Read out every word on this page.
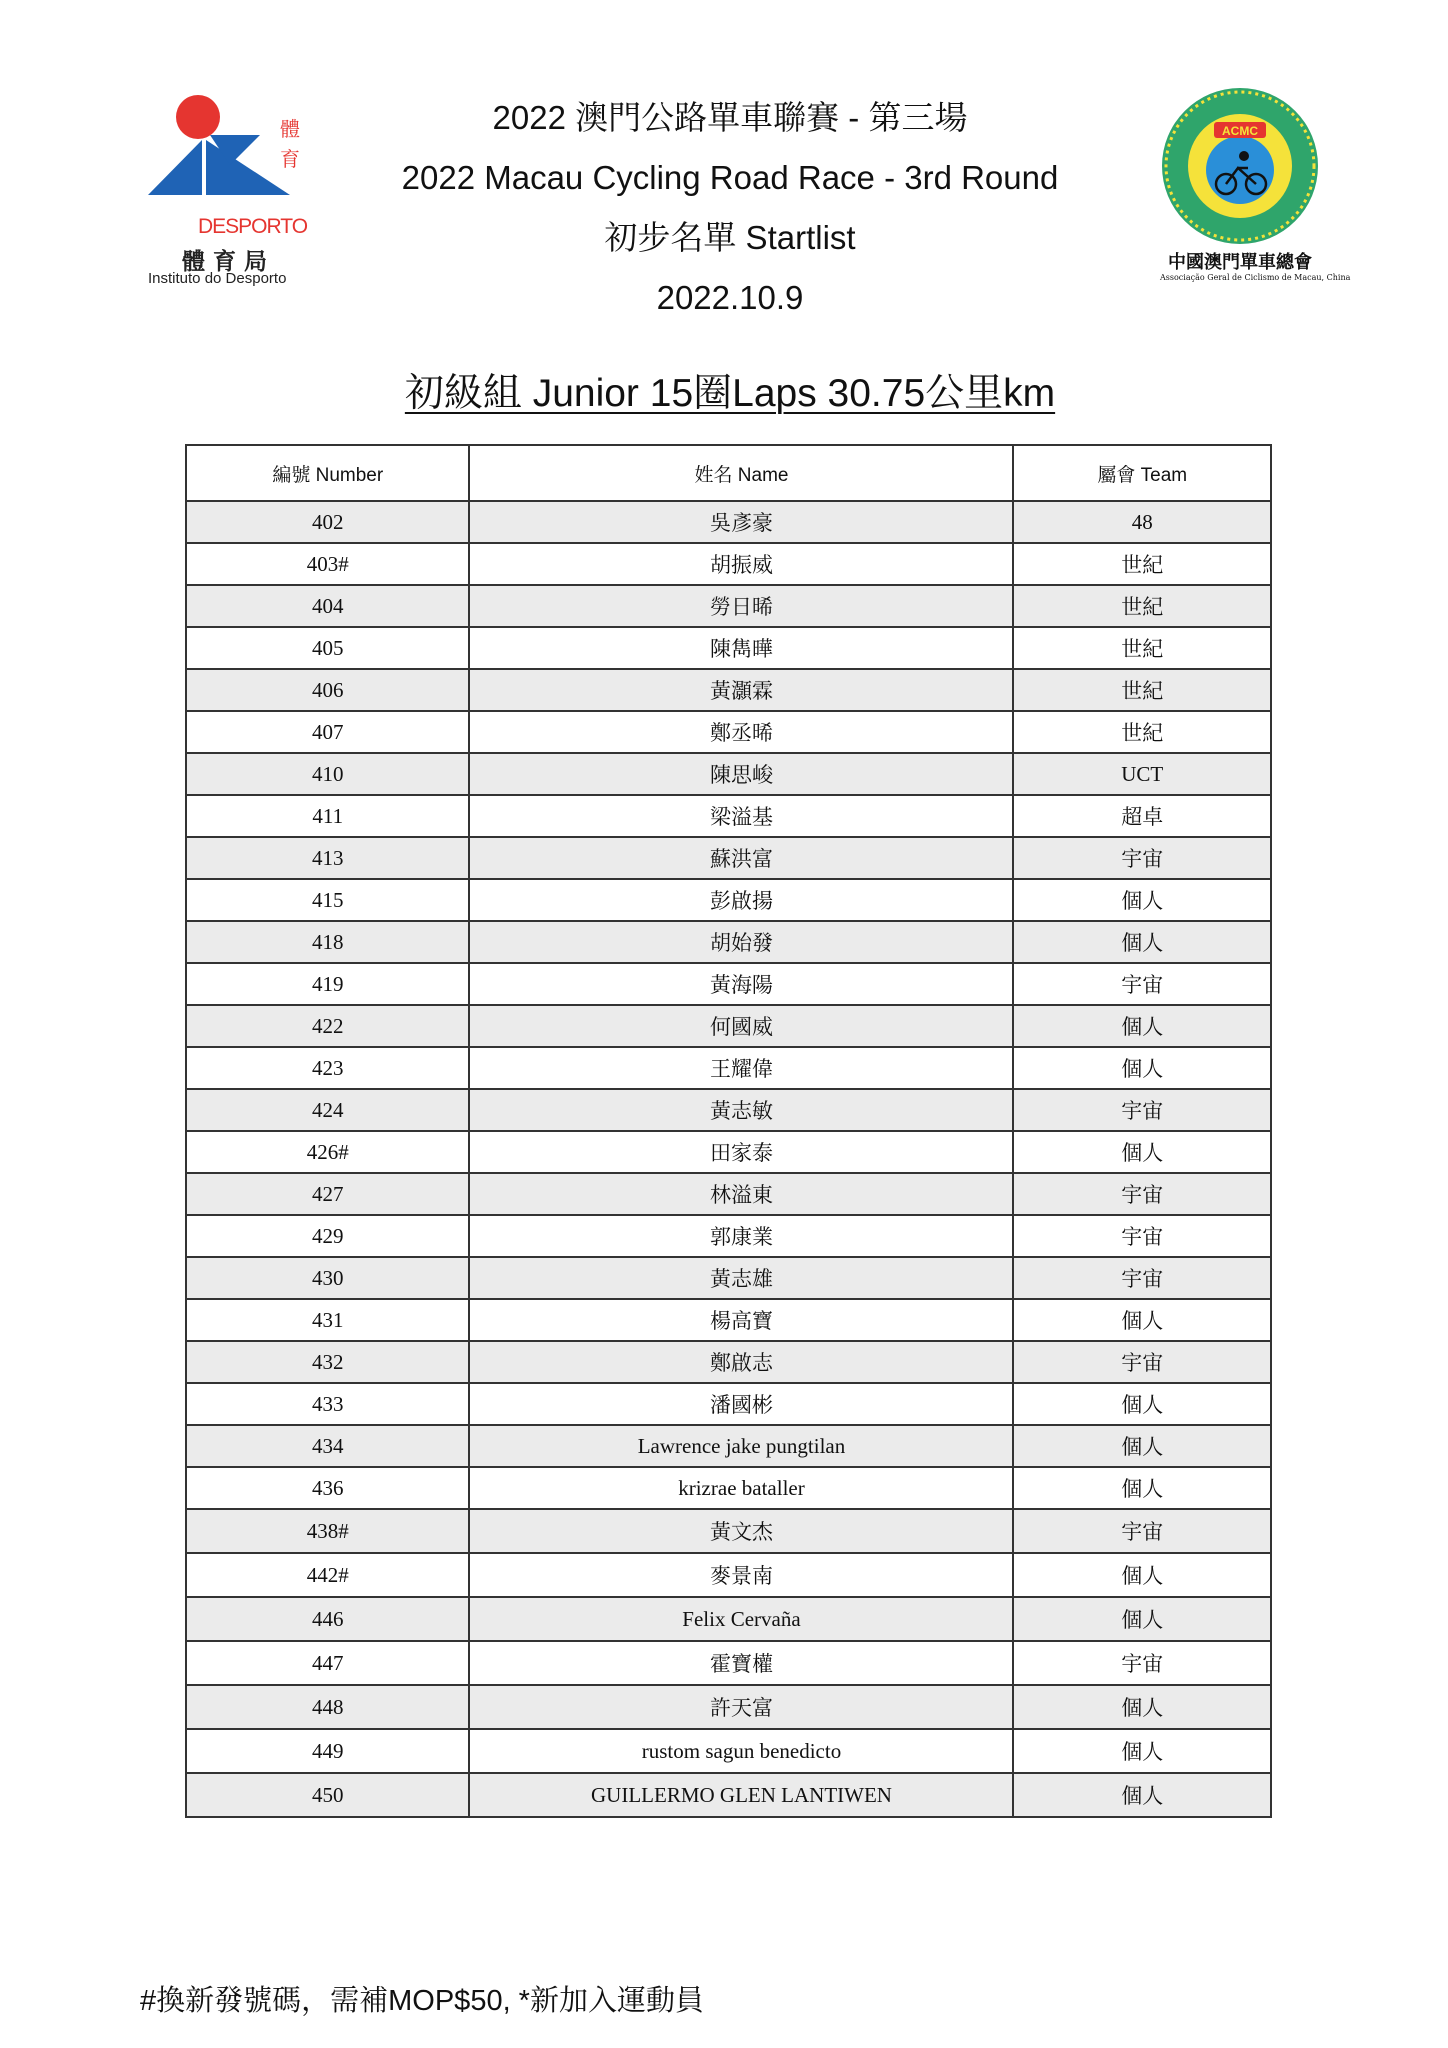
體
育
DESPORTO
體育局
Instituto do Desporto
2022 澳門公路單車聯賽 - 第三場
2022 Macau Cycling Road Race - 3rd Round
初步名單 Startlist
2022.10.9
ACMC
中國澳門單車總會
Associação Geral de Ciclismo de Macau, China
初級組 Junior 15圈Laps 30.75公里km
編號 Number	姓名 Name	屬會 Team
402	吳彥豪	48
403#	胡振威	世紀
404	勞日晞	世紀
405	陳雋曄	世紀
406	黃灝霖	世紀
407	鄭丞晞	世紀
410	陳思峻	UCT
411	梁溢基	超卓
413	蘇洪富	宇宙
415	彭啟揚	個人
418	胡始發	個人
419	黃海陽	宇宙
422	何國威	個人
423	王耀偉	個人
424	黃志敏	宇宙
426#	田家泰	個人
427	林溢東	宇宙
429	郭康業	宇宙
430	黃志雄	宇宙
431	楊高寶	個人
432	鄭啟志	宇宙
433	潘國彬	個人
434	Lawrence jake pungtilan	個人
436	krizrae bataller	個人
438#	黃文杰	宇宙
442#	麥景南	個人
446	Felix Cervaña	個人
447	霍寶權	宇宙
448	許天富	個人
449	rustom sagun benedicto	個人
450	GUILLERMO GLEN LANTIWEN	個人
#換新發號碼，需補MOP$50, *新加入運動員
